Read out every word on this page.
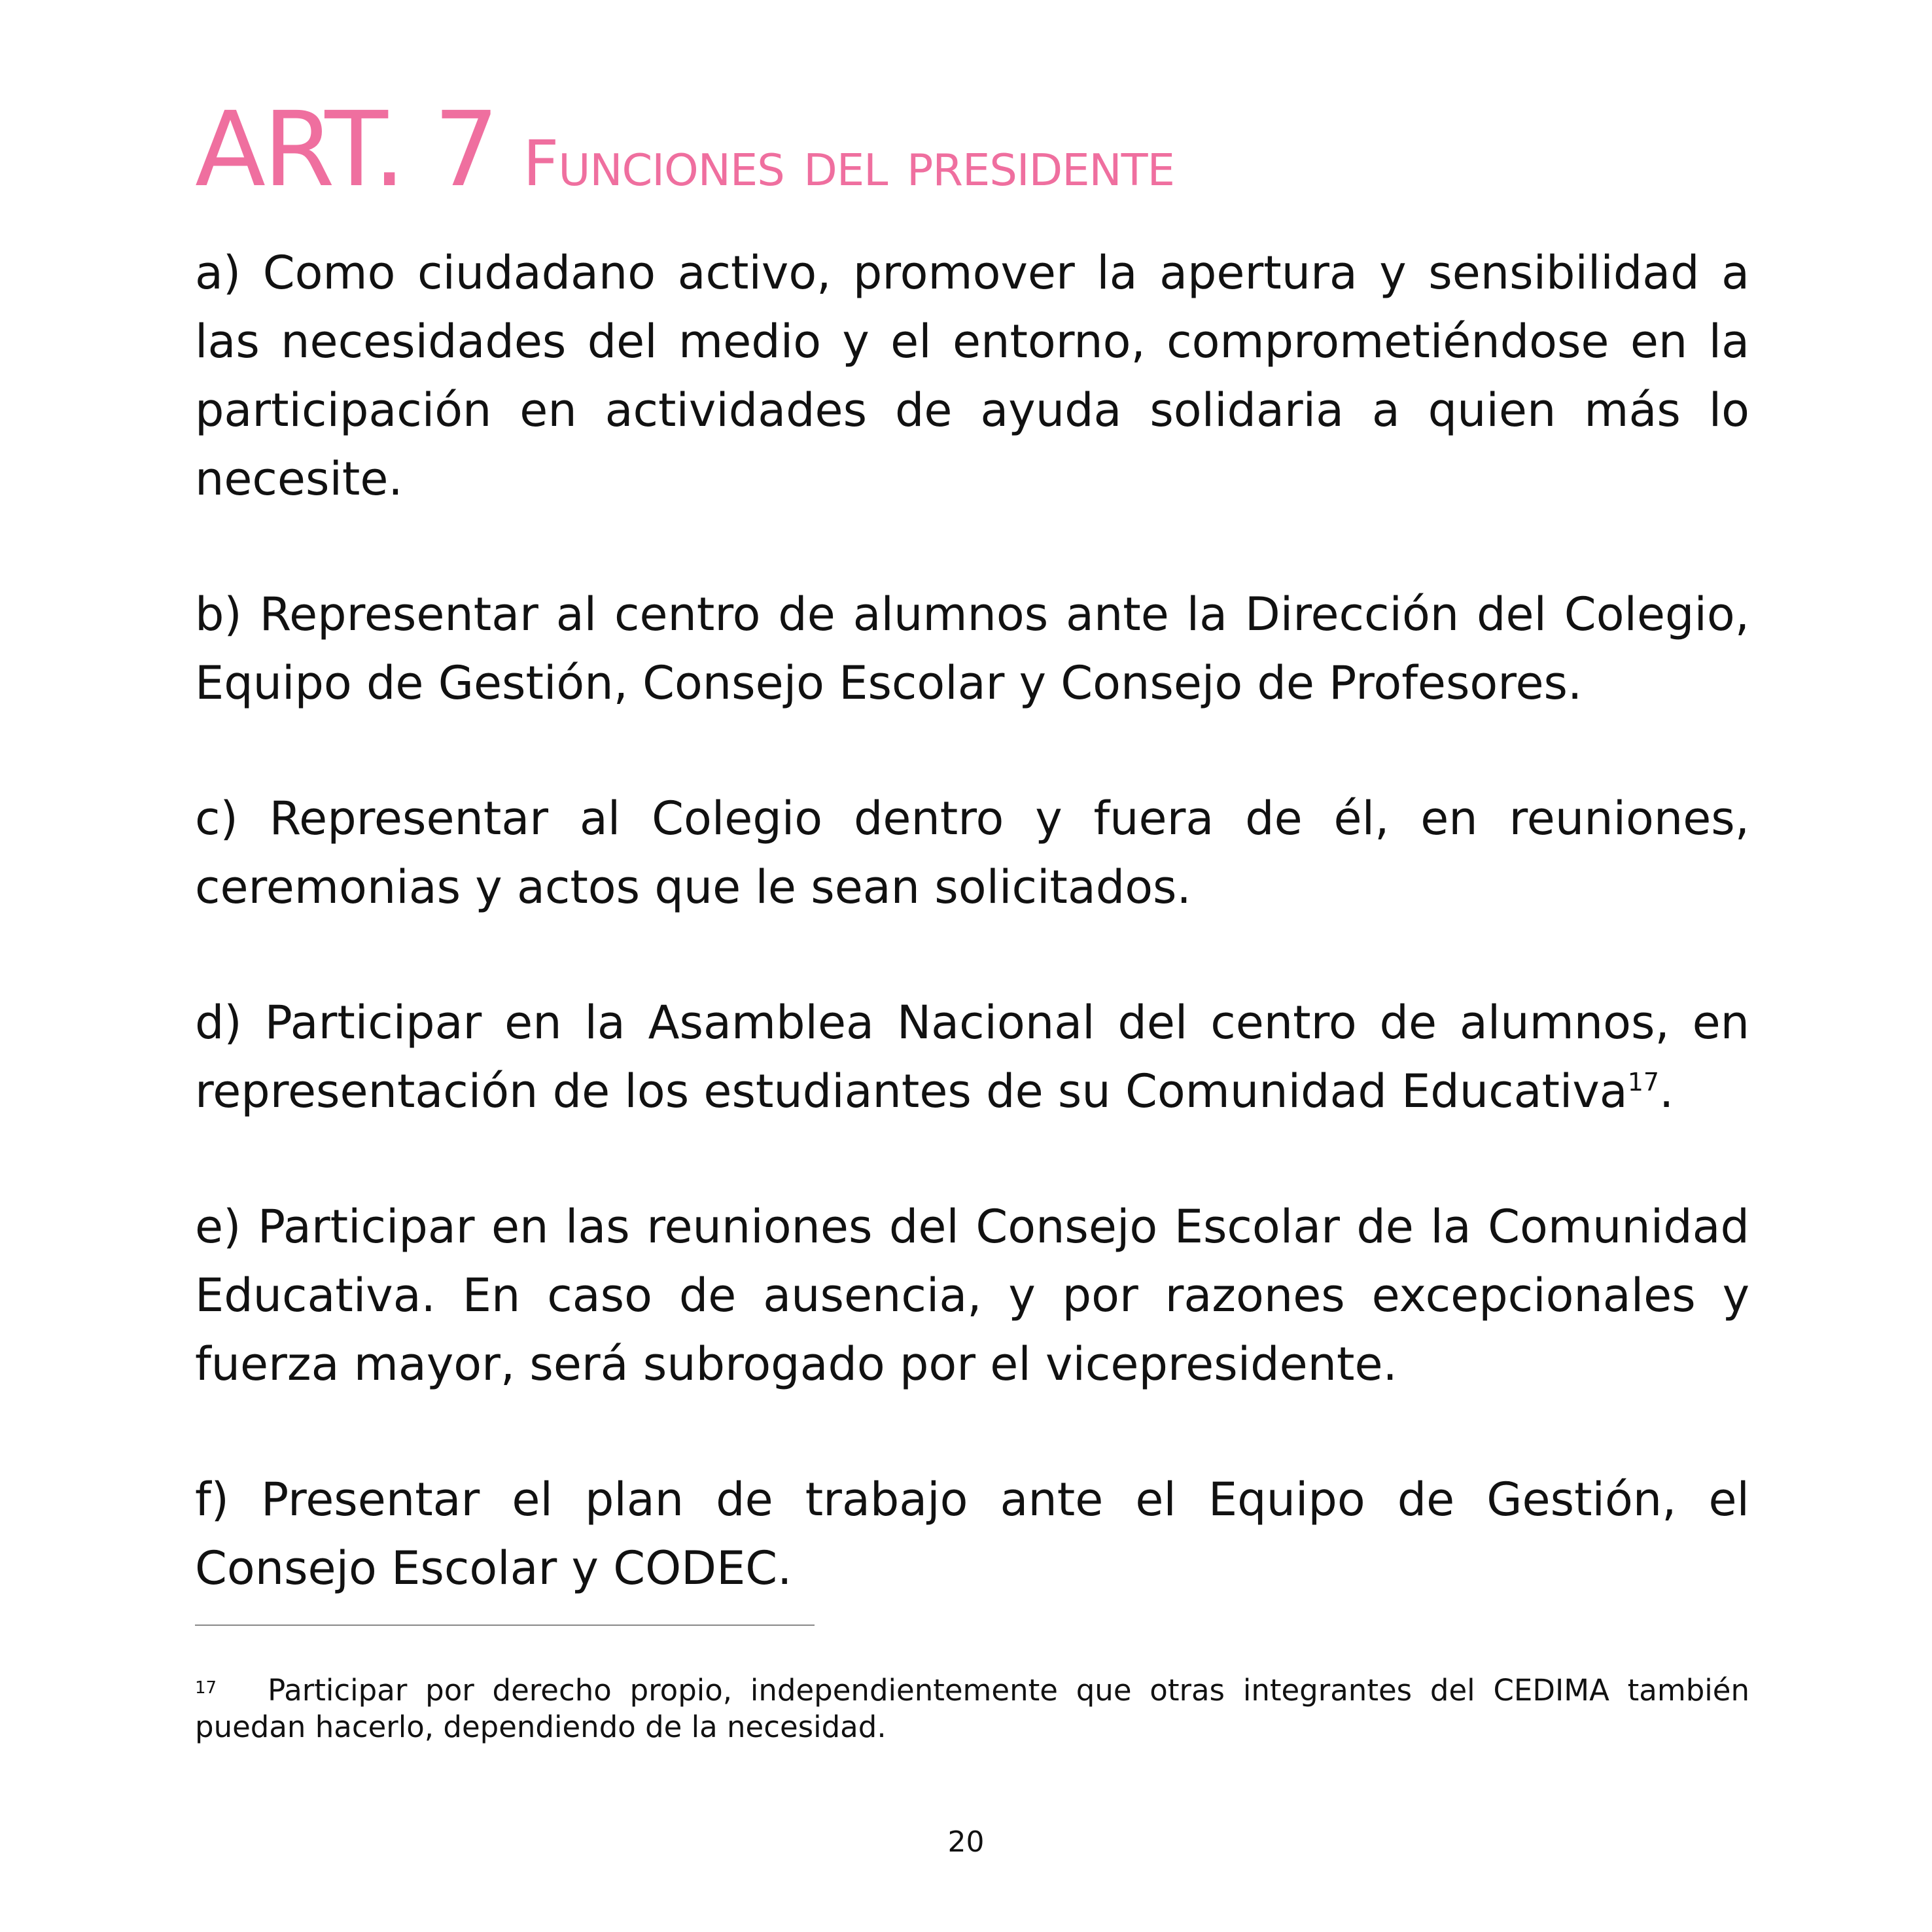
ART. 7 Funciones del presidente

a) Como ciudadano activo, promover la apertura y sensibilidad a las necesidades del medio y el entorno, comprometiéndose en la participación en actividades de ayuda solidaria a quien más lo necesite.

b) Representar al centro de alumnos ante la Dirección del Colegio, Equipo de Gestión, Consejo Escolar y Consejo de Profesores.

c) Representar al Colegio dentro y fuera de él, en reuniones, ceremonias y actos que le sean solicitados.

d) Participar en la Asamblea Nacional del centro de alumnos, en representación de los estudiantes de su Comunidad Educativa$^{17}$.

e) Participar en las reuniones del Consejo Escolar de la Comunidad Educativa. En caso de ausencia, y por razones excepcionales y fuerza mayor, será subrogado por el vicepresidente.

f) Presentar el plan de trabajo ante el Equipo de Gestión, el Consejo Escolar y CODEC.

$^{17}$ Participar por derecho propio, independientemente que otras integrantes del CEDIMA también puedan hacerlo, dependiendo de la necesidad.

20
